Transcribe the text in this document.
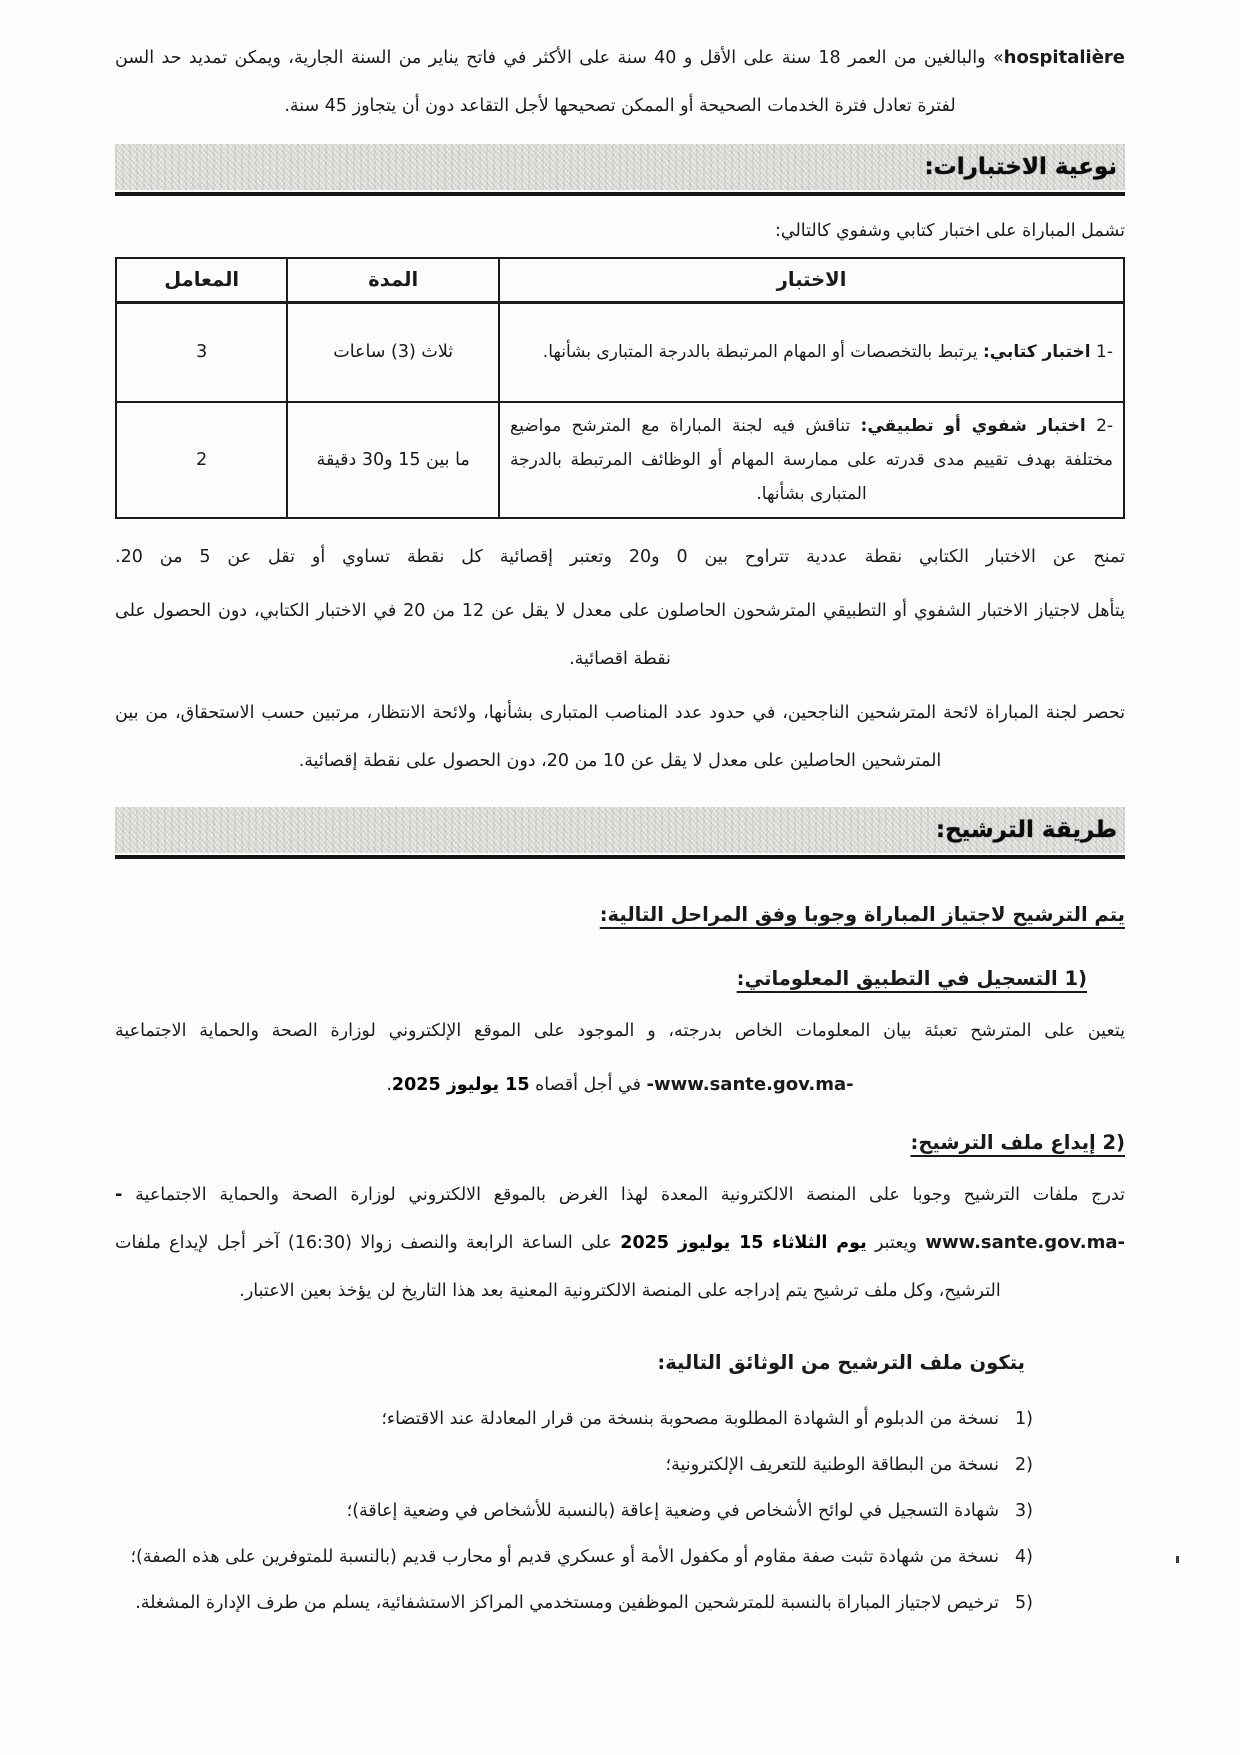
hospitalière» والبالغين من العمر 18 سنة على الأقل و 40 سنة على الأكثر في فاتح يناير من السنة الجارية، ويمكن تمديد حد السن لفترة تعادل فترة الخدمات الصحيحة أو الممكن تصحيحها لأجل التقاعد دون أن يتجاوز 45 سنة.
نوعية الاختبارات:
تشمل المباراة على اختبار كتابي وشفوي كالتالي:
الاختبار	المدة	المعامل
1- اختبار كتابي: يرتبط بالتخصصات أو المهام المرتبطة بالدرجة المتبارى بشأنها.	ثلاث (3) ساعات	3
2- اختبار شفوي أو تطبيقي: تناقش فيه لجنة المباراة مع المترشح مواضيع مختلفة بهدف تقييم مدى قدرته على ممارسة المهام أو الوظائف المرتبطة بالدرجة المتبارى بشأنها.	ما بين 15 و30 دقيقة	2
تمنح عن الاختبار الكتابي نقطة عددية تتراوح بين 0 و20 وتعتبر إقصائية كل نقطة تساوي أو تقل عن 5 من 20.
يتأهل لاجتياز الاختبار الشفوي أو التطبيقي المترشحون الحاصلون على معدل لا يقل عن 12 من 20 في الاختبار الكتابي، دون الحصول على نقطة اقصائية.
تحصر لجنة المباراة لائحة المترشحين الناجحين، في حدود عدد المناصب المتبارى بشأنها، ولائحة الانتظار، مرتبين حسب الاستحقاق، من بين المترشحين الحاصلين على معدل لا يقل عن 10 من 20، دون الحصول على نقطة إقصائية.
طريقة الترشيح:
يتم الترشيح لاجتياز المباراة وجوبا وفق المراحل التالية:
1) التسجيل في التطبيق المعلوماتي:
يتعين على المترشح تعبئة بيان المعلومات الخاص بدرجته، و الموجود على الموقع الإلكتروني لوزارة الصحة والحماية الاجتماعية
-www.sante.gov.ma- في أجل أقصاه 15 يوليوز 2025.
2) إيداع ملف الترشيح:
تدرج ملفات الترشيح وجوبا على المنصة الالكترونية المعدة لهذا الغرض بالموقع الالكتروني لوزارة الصحة والحماية الاجتماعية -www.sante.gov.ma- ويعتبر يوم الثلاثاء 15 يوليوز 2025 على الساعة الرابعة والنصف زوالا (16:30) آخر أجل لإيداع ملفات الترشيح، وكل ملف ترشيح يتم إدراجه على المنصة الالكترونية المعنية بعد هذا التاريخ لن يؤخذ بعين الاعتبار.
يتكون ملف الترشيح من الوثائق التالية:
1)
نسخة من الدبلوم أو الشهادة المطلوبة مصحوبة بنسخة من قرار المعادلة عند الاقتضاء؛
2)
نسخة من البطاقة الوطنية للتعريف الإلكترونية؛
3)
شهادة التسجيل في لوائح الأشخاص في وضعية إعاقة (بالنسبة للأشخاص في وضعية إعاقة)؛
4)
نسخة من شهادة تثبت صفة مقاوم أو مكفول الأمة أو عسكري قديم أو محارب قديم (بالنسبة للمتوفرين على هذه الصفة)؛
5)
ترخيص لاجتياز المباراة بالنسبة للمترشحين الموظفين ومستخدمي المراكز الاستشفائية، يسلم من طرف الإدارة المشغلة.
